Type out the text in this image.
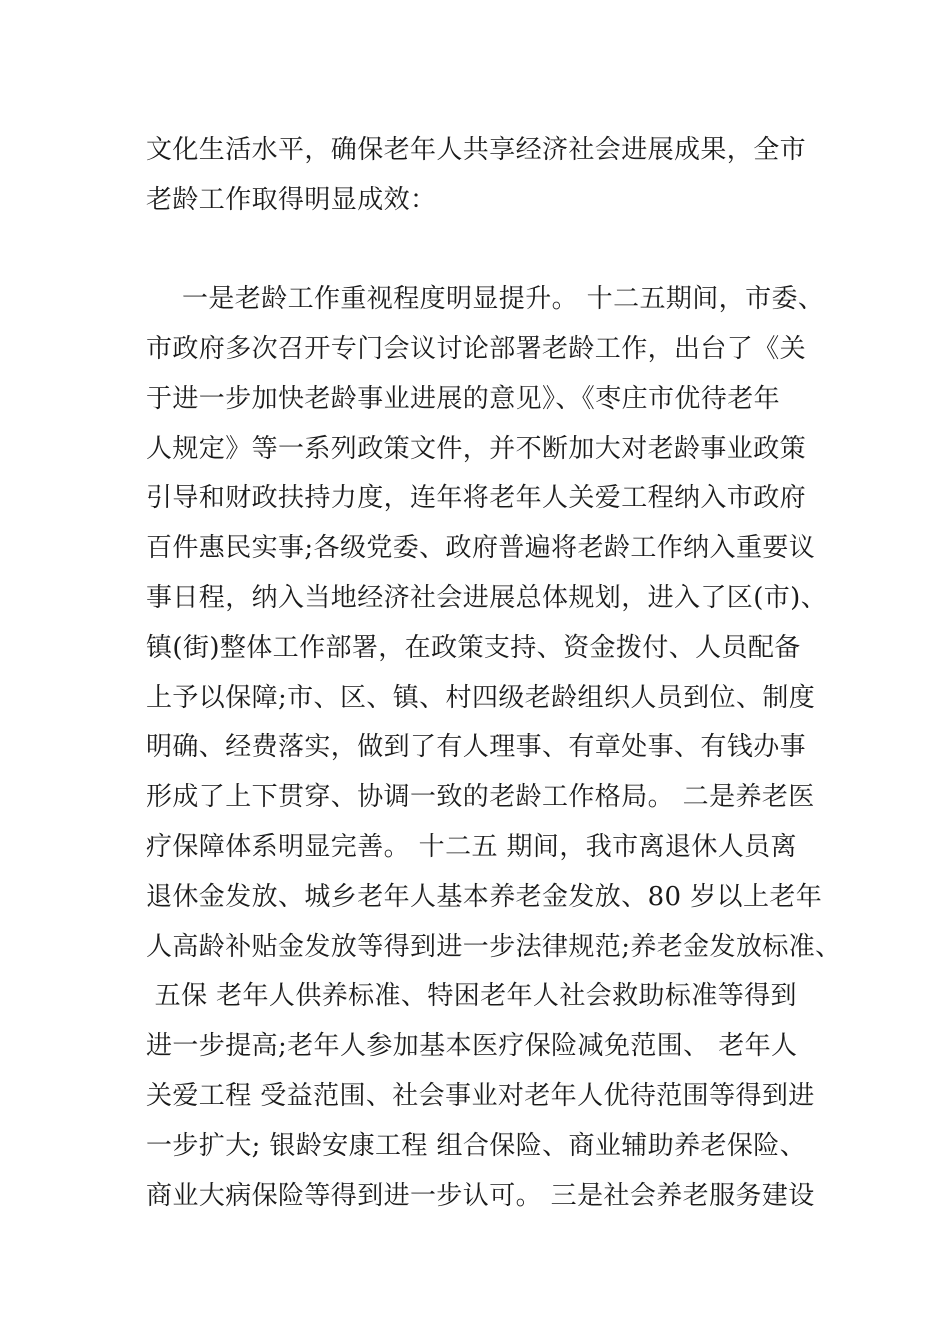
文化生活水平，确保老年人共享经济社会进展成果，全市
老龄工作取得明显成效：
一是老龄工作重视程度明显提升。 十二五期间，市委、
市政府多次召开专门会议讨论部署老龄工作，出台了《关
于进一步加快老龄事业进展的意见》、《枣庄市优待老年
人规定》等一系列政策文件，并不断加大对老龄事业政策
引导和财政扶持力度，连年将老年人关爱工程纳入市政府
百件惠民实事;各级党委、政府普遍将老龄工作纳入重要议
事日程，纳入当地经济社会进展总体规划，进入了区(市)、
镇(街)整体工作部署，在政策支持、资金拨付、人员配备
上予以保障;市、区、镇、村四级老龄组织人员到位、制度
明确、经费落实，做到了有人理事、有章处事、有钱办事
形成了上下贯穿、协调一致的老龄工作格局。 二是养老医
疗保障体系明显完善。 十二五 期间，我市离退休人员离
退休金发放、城乡老年人基本养老金发放、80 岁以上老年
人高龄补贴金发放等得到进一步法律规范;养老金发放标准、
五保 老年人供养标准、特困老年人社会救助标准等得到
进一步提高;老年人参加基本医疗保险减免范围、 老年人
关爱工程 受益范围、社会事业对老年人优待范围等得到进
一步扩大; 银龄安康工程 组合保险、商业辅助养老保险、
商业大病保险等得到进一步认可。 三是社会养老服务建设
